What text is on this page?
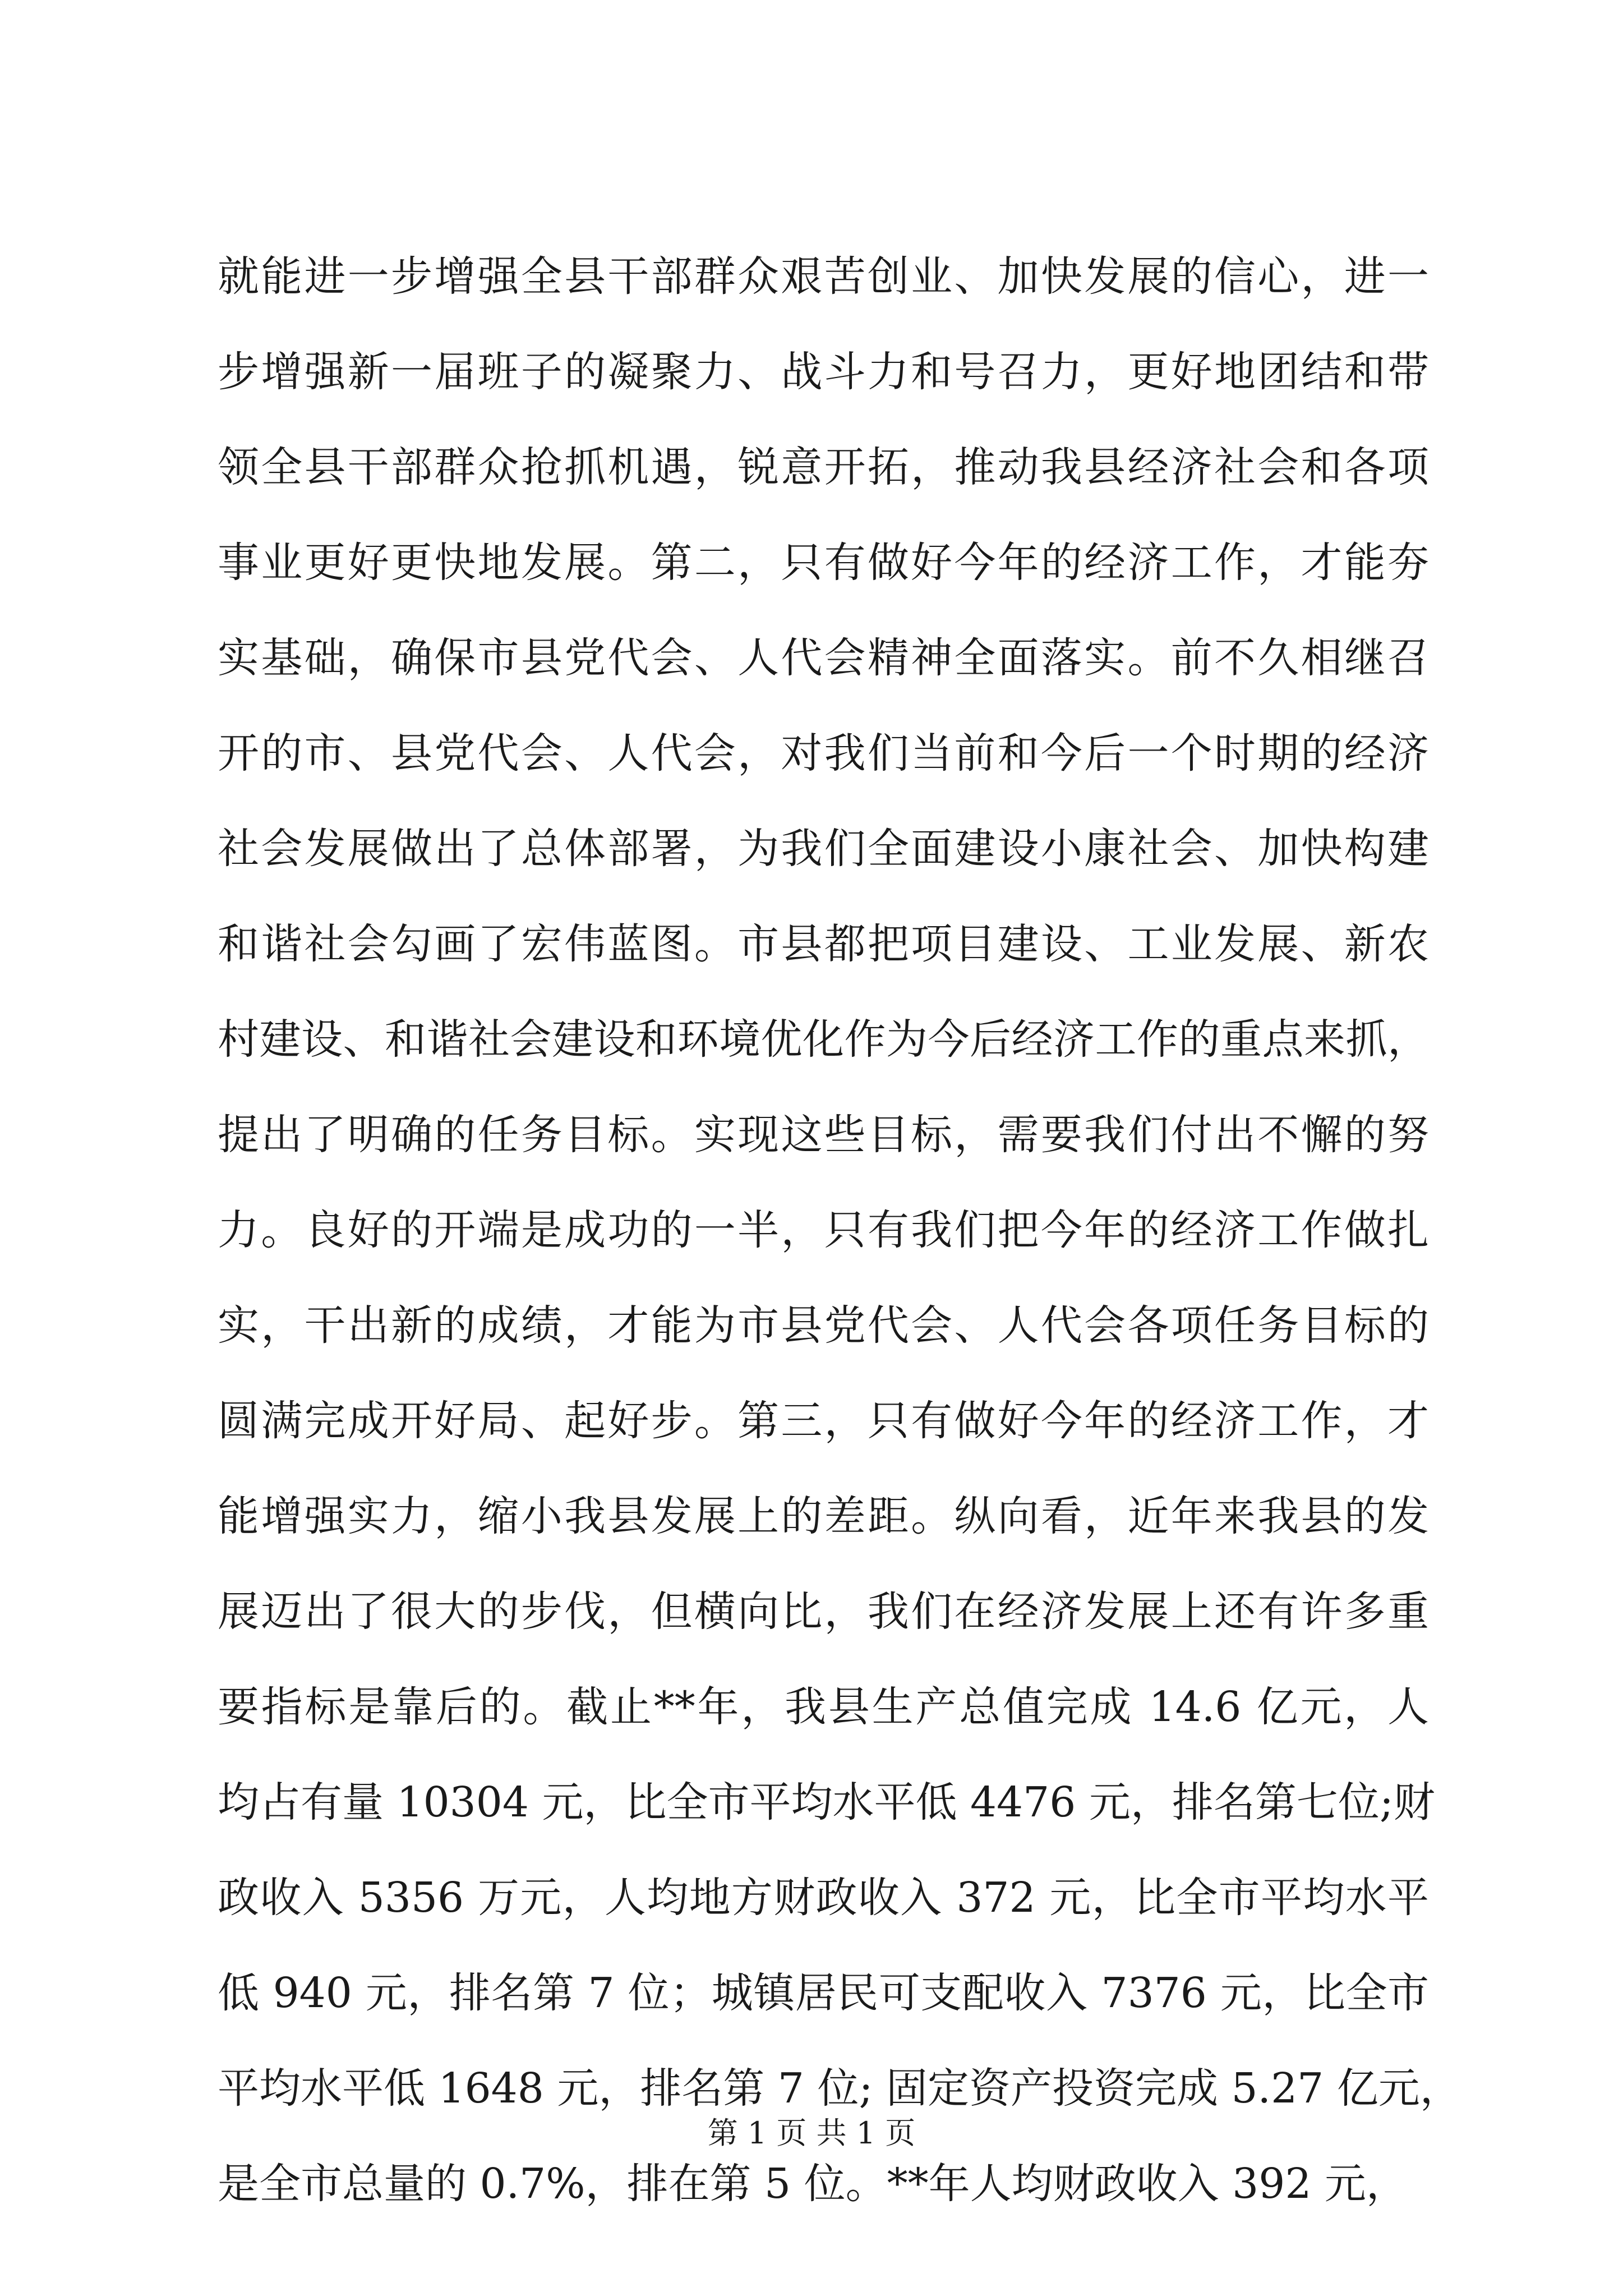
就能进一步增强全县干部群众艰苦创业、加快发展的信心，进一
步增强新一届班子的凝聚力、战斗力和号召力，更好地团结和带
领全县干部群众抢抓机遇，锐意开拓，推动我县经济社会和各项
事业更好更快地发展。第二，只有做好今年的经济工作，才能夯
实基础，确保市县党代会、人代会精神全面落实。前不久相继召
开的市、县党代会、人代会，对我们当前和今后一个时期的经济
社会发展做出了总体部署，为我们全面建设小康社会、加快构建
和谐社会勾画了宏伟蓝图。市县都把项目建设、工业发展、新农
村建设、和谐社会建设和环境优化作为今后经济工作的重点来抓，
提出了明确的任务目标。实现这些目标，需要我们付出不懈的努
力。良好的开端是成功的一半，只有我们把今年的经济工作做扎
实，干出新的成绩，才能为市县党代会、人代会各项任务目标的
圆满完成开好局、起好步。第三，只有做好今年的经济工作，才
能增强实力，缩小我县发展上的差距。纵向看，近年来我县的发
展迈出了很大的步伐，但横向比，我们在经济发展上还有许多重
要指标是靠后的。截止**年，我县生产总值完成 14.6 亿元，人
均占有量 10304 元，比全市平均水平低 4476 元，排名第七位;财
政收入 5356 万元，人均地方财政收入 372 元，比全市平均水平
低 940 元，排名第 7 位；城镇居民可支配收入 7376 元，比全市
平均水平低 1648 元，排名第 7 位; 固定资产投资完成 5.27 亿元，
是全市总量的 0.7%，排在第 5 位。**年人均财政收入 392 元，
第 1 页 共 1 页
